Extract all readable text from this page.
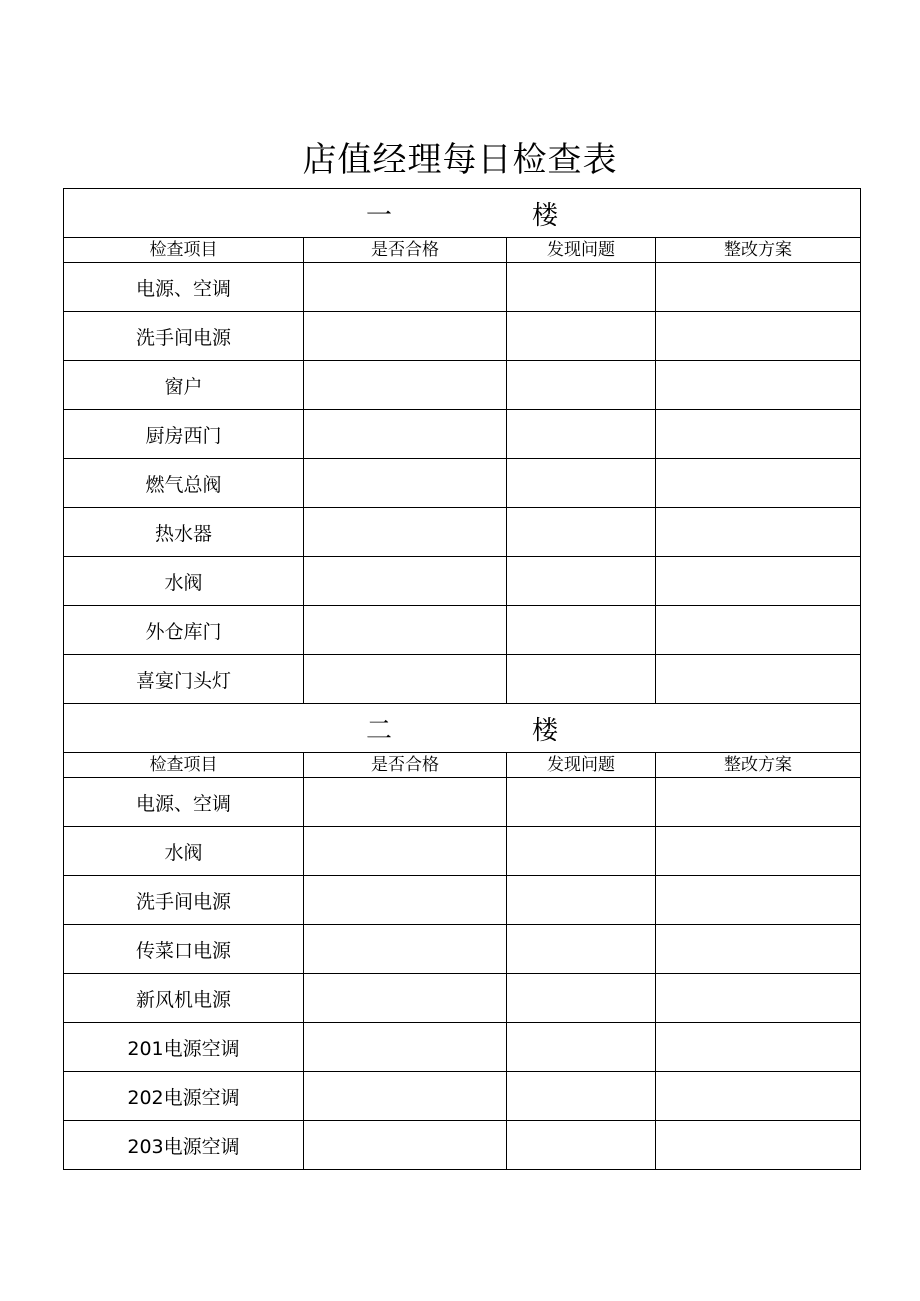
店值经理每日检查表
一 楼			
检查项目	是否合格	发现问题	整改方案
电源、空调			
洗手间电源			
窗户			
厨房西门			
燃气总阀			
热水器			
水阀			
外仓库门			
喜宴门头灯			
二 楼			
检查项目	是否合格	发现问题	整改方案
电源、空调			
水阀			
洗手间电源			
传菜口电源			
新风机电源			
201电源空调			
202电源空调			
203电源空调			
